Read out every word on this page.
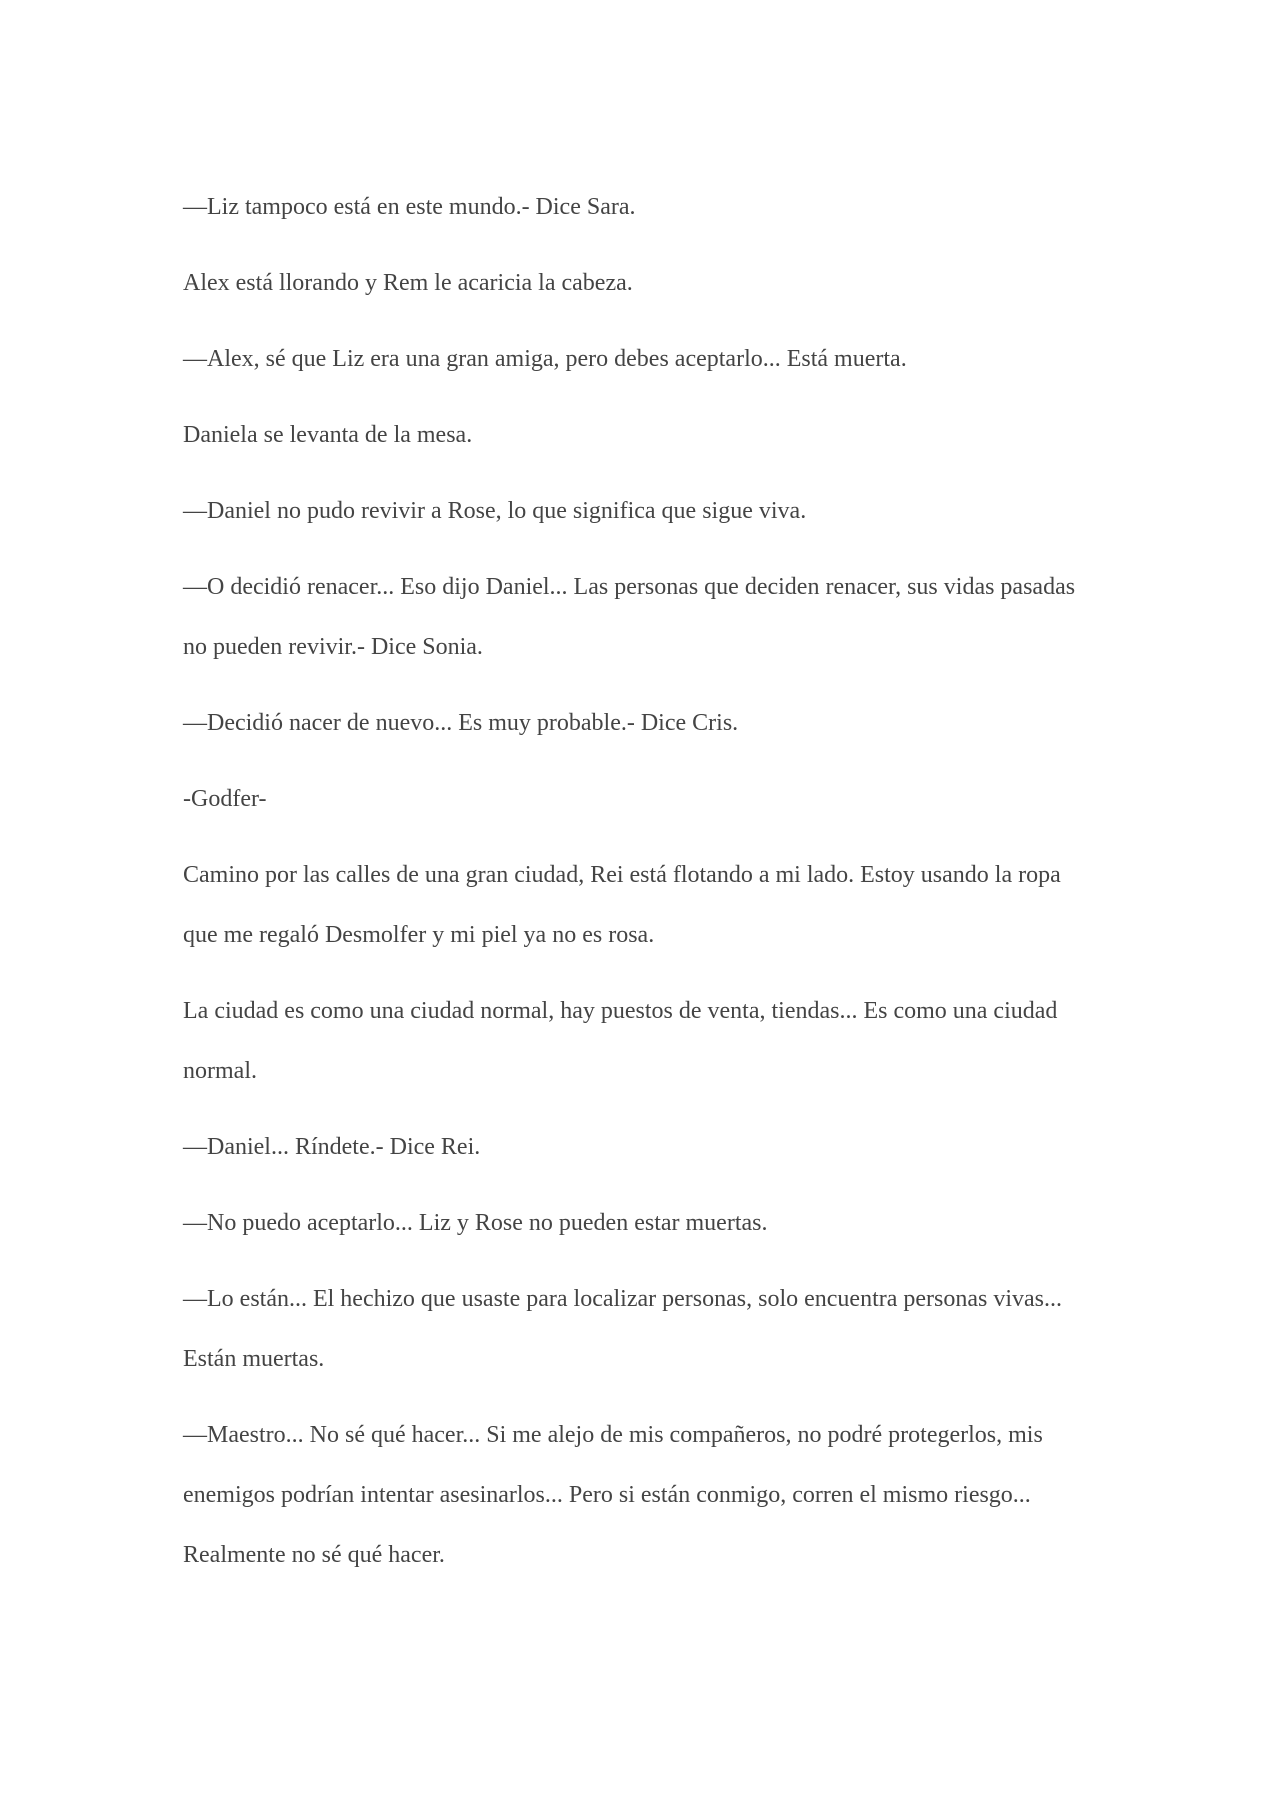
—Liz tampoco está en este mundo.- Dice Sara.

Alex está llorando y Rem le acaricia la cabeza.

—Alex, sé que Liz era una gran amiga, pero debes aceptarlo... Está muerta.

Daniela se levanta de la mesa.

—Daniel no pudo revivir a Rose, lo que significa que sigue viva.

—O decidió renacer... Eso dijo Daniel... Las personas que deciden renacer, sus vidas pasadas no pueden revivir.- Dice Sonia.

—Decidió nacer de nuevo... Es muy probable.- Dice Cris.

-Godfer-

Camino por las calles de una gran ciudad, Rei está flotando a mi lado. Estoy usando la ropa que me regaló Desmolfer y mi piel ya no es rosa.

La ciudad es como una ciudad normal, hay puestos de venta, tiendas... Es como una ciudad normal.

—Daniel... Ríndete.- Dice Rei.

—No puedo aceptarlo... Liz y Rose no pueden estar muertas.

—Lo están... El hechizo que usaste para localizar personas, solo encuentra personas vivas... Están muertas.

—Maestro... No sé qué hacer... Si me alejo de mis compañeros, no podré protegerlos, mis enemigos podrían intentar asesinarlos... Pero si están conmigo, corren el mismo riesgo... Realmente no sé qué hacer.
